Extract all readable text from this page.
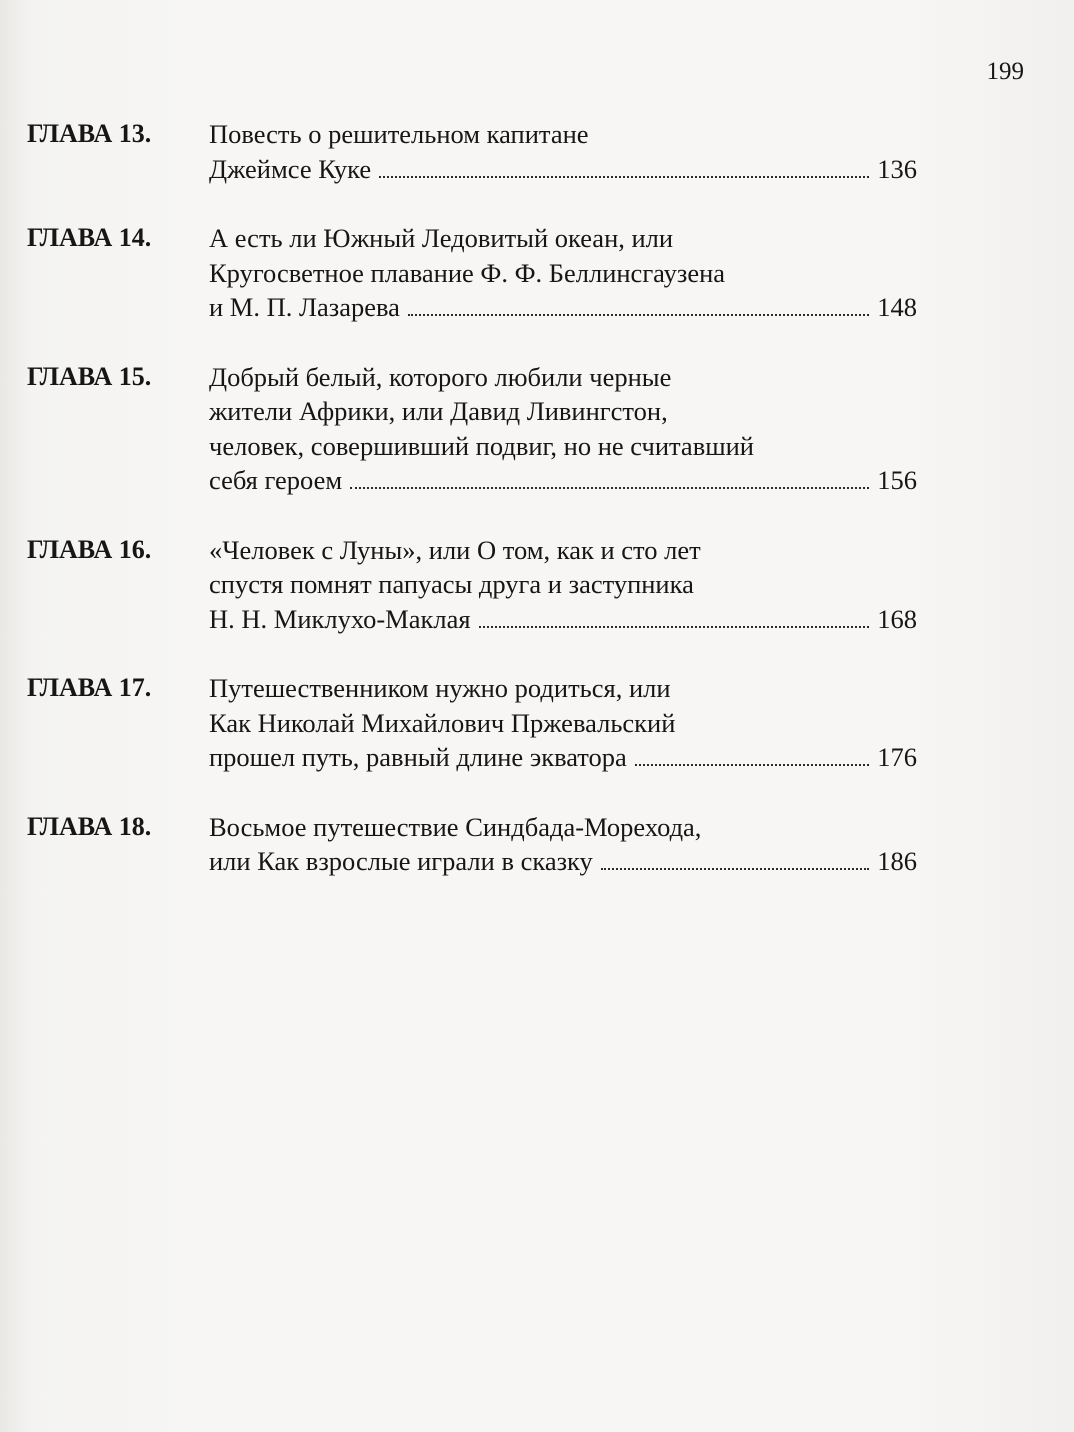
199
ГЛАВА 13.	Повесть о решительном капитане
Джеймсе Куке	136
ГЛАВА 14.	А есть ли Южный Ледовитый океан, или
Кругосветное плавание Ф. Ф. Беллинсгаузена
и М. П. Лазарева	148
ГЛАВА 15.	Добрый белый, которого любили черные
жители Африки, или Давид Ливингстон,
человек, совершивший подвиг, но не считавший
себя героем	156
ГЛАВА 16.	«Человек с Луны», или О том, как и сто лет
спустя помнят папуасы друга и заступника
Н. Н. Миклухо-Маклая	168
ГЛАВА 17.	Путешественником нужно родиться, или
Как Николай Михайлович Пржевальский
прошел путь, равный длине экватора	176
ГЛАВА 18.	Восьмое путешествие Синдбада-Морехода,
или Как взрослые играли в сказку	186
